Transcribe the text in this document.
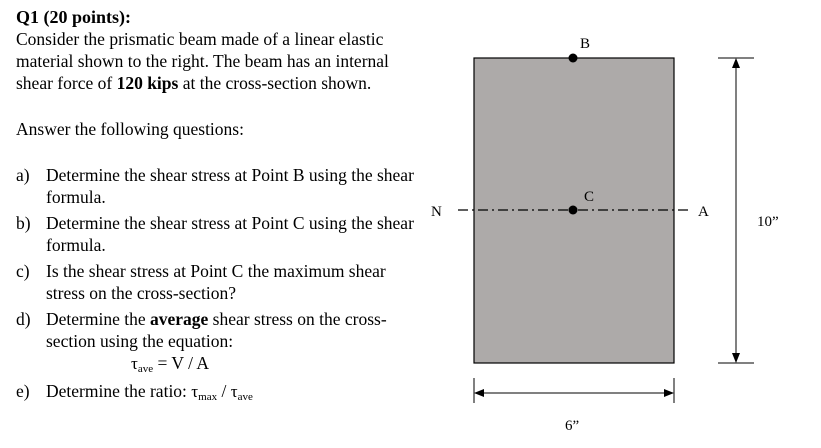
Q1 (20 points):

Consider the prismatic beam made of a linear elastic material shown to the right. The beam has an internal shear force of 120 kips at the cross-section shown.

Answer the following questions:
a) Determine the shear stress at Point B using the shear formula.
b) Determine the shear stress at Point C using the shear formula.
c) Is the shear stress at Point C the maximum shear stress on the cross-section?
d) Determine the average shear stress on the cross-section using the equation:
$\tau_{ave} = V / A$
e) Determine the ratio: $\tau_{max} / \tau_{ave}$
B
C
N	A
10”
6”
